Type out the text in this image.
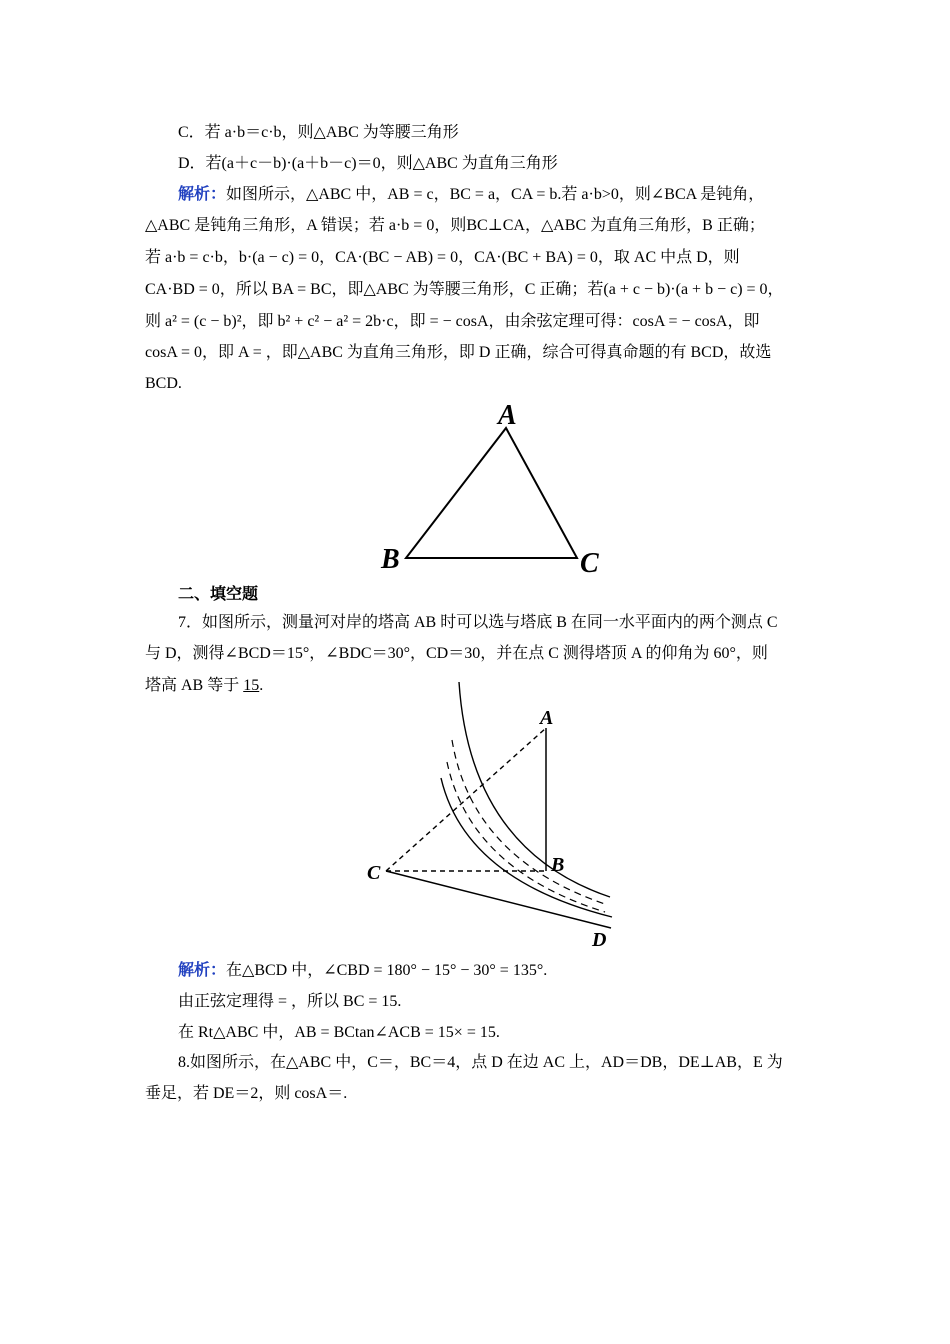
C．若 a·b＝c·b，则△ABC 为等腰三角形
D．若(a＋c－b)·(a＋b－c)＝0，则△ABC 为直角三角形
解析：如图所示，△ABC 中，AB = c，BC = a，CA = b.若 a·b>0，则∠BCA 是钝角，
△ABC 是钝角三角形，A 错误；若 a·b = 0，则BC⊥CA，△ABC 为直角三角形，B 正确；
若 a·b = c·b，b·(a − c) = 0，CA·(BC − AB) = 0，CA·(BC + BA) = 0，取 AC 中点 D，则
CA·BD = 0，所以 BA = BC，即△ABC 为等腰三角形，C 正确；若(a + c − b)·(a + b − c) = 0，
则 a² = (c − b)²，即 b² + c² − a² = 2b·c，即 = − cosA，由余弦定理可得：cosA = − cosA，即
cosA = 0，即 A = ，即△ABC 为直角三角形，即 D 正确，综合可得真命题的有 BCD，故选
BCD.
A
B	C
二、填空题
7．如图所示，测量河对岸的塔高 AB 时可以选与塔底 B 在同一水平面内的两个测点 C
与 D，测得∠BCD＝15°，∠BDC＝30°，CD＝30，并在点 C 测得塔顶 A 的仰角为 60°，则
塔高 AB 等于 15.
A
B
C
D
解析：在△BCD 中，∠CBD = 180° − 15° − 30° = 135°.
由正弦定理得 = ，所以 BC = 15.
在 Rt△ABC 中，AB = BCtan∠ACB = 15× = 15.
8.如图所示，在△ABC 中，C＝，BC＝4，点 D 在边 AC 上，AD＝DB，DE⊥AB，E 为
垂足，若 DE＝2，则 cosA＝.
